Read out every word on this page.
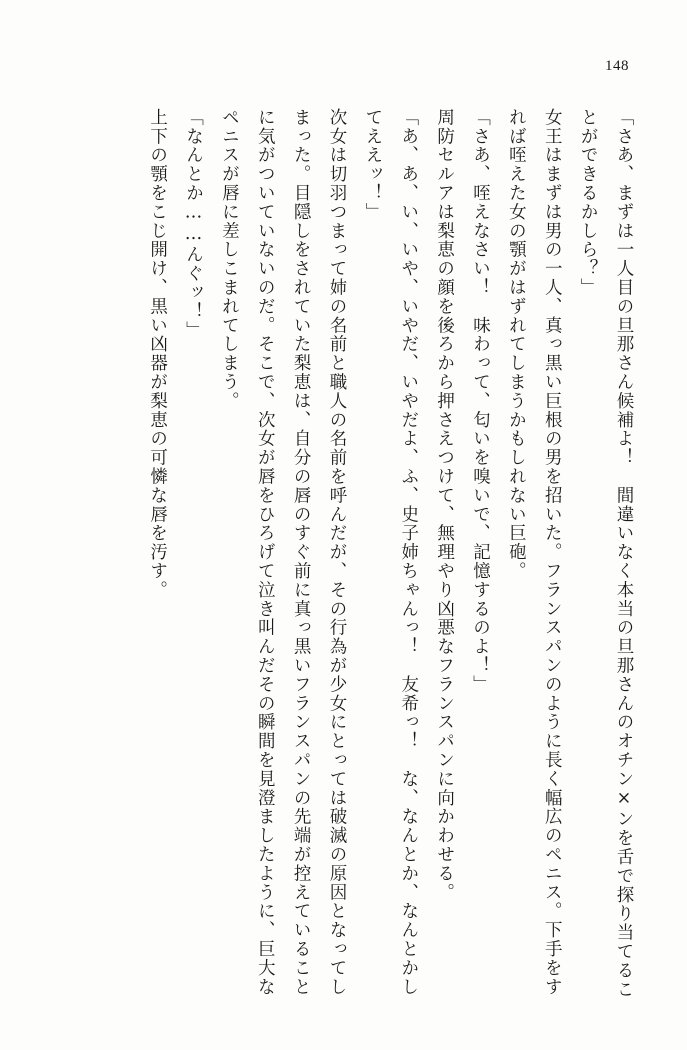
148

「さあ、まずは一人目の旦那さん候補よ！　間違いなく本当の旦那さんのオチン×ンを舌で探り当てることができるかしら？」

女王はまずは男の一人、真っ黒い巨根の男を招いた。フランスパンのように長く幅広のペニス。下手をすれば咥えた女の顎がはずれてしまうかもしれない巨砲。

「さあ、咥えなさい！　味わって、匂いを嗅いで、記憶するのよ！」

周防セルアは梨恵の顔を後ろから押さえつけて、無理やり凶悪なフランスパンに向かわせる。

「あ、あ、い、いや、いやだ、いやだよ、ふ、史子姉ちゃんっ！　友希っ！　な、なんとか、なんとかしてええッ！」

次女は切羽つまって姉の名前と職人の名前を呼んだが、その行為が少女にとっては破滅の原因となってしまった。目隠しをされていた梨恵は、自分の唇のすぐ前に真っ黒いフランスパンの先端が控えていることに気がついていないのだ。そこで、次女が唇をひろげて泣き叫んだその瞬間を見澄ましたように、巨大なペニスが唇に差しこまれてしまう。

「なんとか……んぐッ！」

上下の顎をこじ開け、黒い凶器が梨恵の可憐な唇を汚す。
